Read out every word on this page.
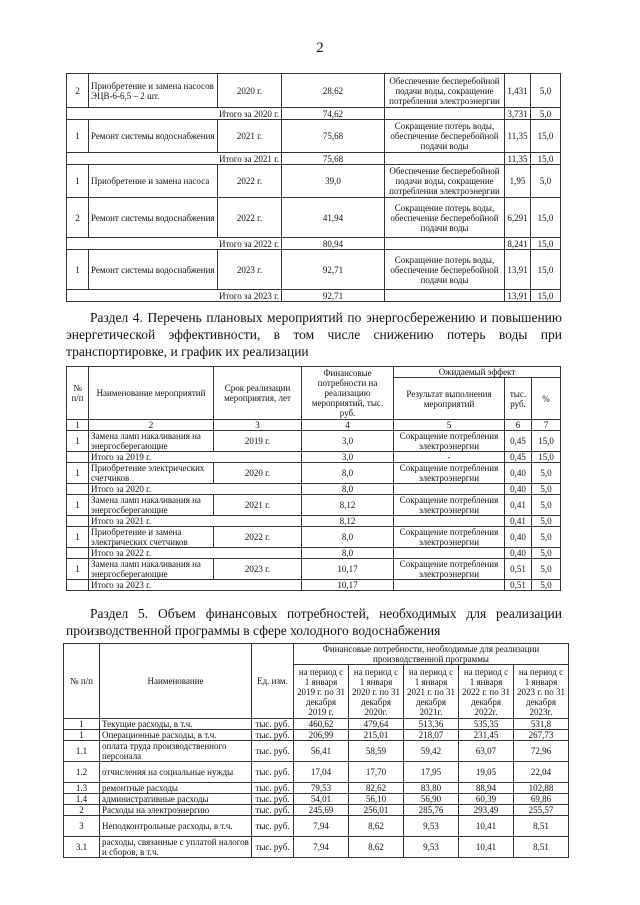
2
2	Приобретение и замена насосов ЭЦВ-6-6,5 – 2 шт.	2020 г.	28,62	Обеспечение бесперебойной подачи воды, сокращение потребления электроэнергии	1,431	5,0
Итого за 2020 г.			74,62		3,731	5,0
1	Ремонт системы водоснабжения	2021 г.	75,68	Сокращение потерь воды, обеспечение бесперебойной подачи воды	11,35	15,0
Итого за 2021 г.			75,68		11,35	15,0
1	Приобретение и замена насоса	2022 г.	39,0	Обеспечение бесперебойной подачи воды, сокращение потребления электроэнергии	1,95	5,0
2	Ремонт системы водоснабжения	2022 г.	41,94	Сокращение потерь воды, обеспечение бесперебойной подачи воды	6,291	15,0
Итого за 2022 г.			80,94		8,241	15,0
1	Ремонт системы водоснабжения	2023 г.	92,71	Сокращение потерь воды, обеспечение бесперебойной подачи воды	13,91	15,0
Итого за 2023 г.			92,71		13,91	15,0
Раздел 4. Перечень плановых мероприятий по энергосбережению и повышению энергетической эффективности, в том числе снижению потерь воды при транспортировке, и график их реализации
№ п/п	Наименование мероприятий	Срок реализации мероприятия, лет	Финансовые потребности на реализацию мероприятий, тыс. руб.	Ожидаемый эффект		
				Результат выполнения мероприятий	тыс. руб.	%
1	2	3	4	5	6	7
1	Замена ламп накаливания на энергосберегающие	2019 г.	3,0	Сокращение потребления электроэнергии	0,45	15,0
	Итого за 2019 г.		3,0	-	0,45	15,0
1	Приобретение электрических счетчиков	2020 г.	8,0	Сокращение потребления электроэнергии	0,40	5,0
	Итого за 2020 г.		8,0		0,40	5,0
1	Замена ламп накаливания на энергосберегающие	2021 г.	8,12	Сокращение потребления электроэнергии	0,41	5,0
	Итого за 2021 г.		8,12		0,41	5,0
1	Приобретение и замена электрических счетчиков	2022 г.	8,0	Сокращение потребления электроэнергии	0,40	5,0
	Итого за 2022 г.		8,0		0,40	5,0
1	Замена ламп накаливания на энергосберегающие	2023 г.	10,17	Сокращение потребления электроэнергии	0,51	5,0
	Итого за 2023 г.		10,17		0,51	5,0
Раздел 5. Объем финансовых потребностей, необходимых для реализации производственной программы в сфере холодного водоснабжения
№ п/п	Наименование	Ед. изм.	Финансовые потребности, необходимые для реализации производственной программы				
			на период с 1 января 2019 г. по 31 декабря 2019 г.	на период с 1 января 2020 г. по 31 декабря 2020г.	на период с 1 января 2021 г. по 31 декабря 2021г.	на период с 1 января 2022 г. по 31 декабря 2022г.	на период с 1 января 2023 г. по 31 декабря 2023г.
1	Текущие расходы, в т.ч.	тыс. руб.	460,62	479,64	513,36	535,35	531,8
1	Операционные расходы, в т.ч.	тыс. руб.	206,99	215,01	218,07	231,45	267,73
1.1	оплата труда производственного персонала	тыс. руб.	56,41	58,59	59,42	63,07	72,96
1.2	отчисления на социальные нужды	тыс. руб.	17,04	17,70	17,95	19,05	22,04
1.3	ремонтные расходы	тыс. руб.	79,53	82,62	83,80	88,94	102,88
1.4	административные расходы	тыс. руб.	54,01	56,10	56,90	60,39	69,86
2	Расходы на электроэнергию	тыс. руб.	245,69	256,01	285,76	293,49	255,57
3	Неподконтрольные расходы, в т.ч.	тыс. руб.	7,94	8,62	9,53	10,41	8,51
3.1	расходы, связанные с уплатой налогов и сборов, в т.ч.	тыс. руб.	7,94	8,62	9,53	10,41	8,51
